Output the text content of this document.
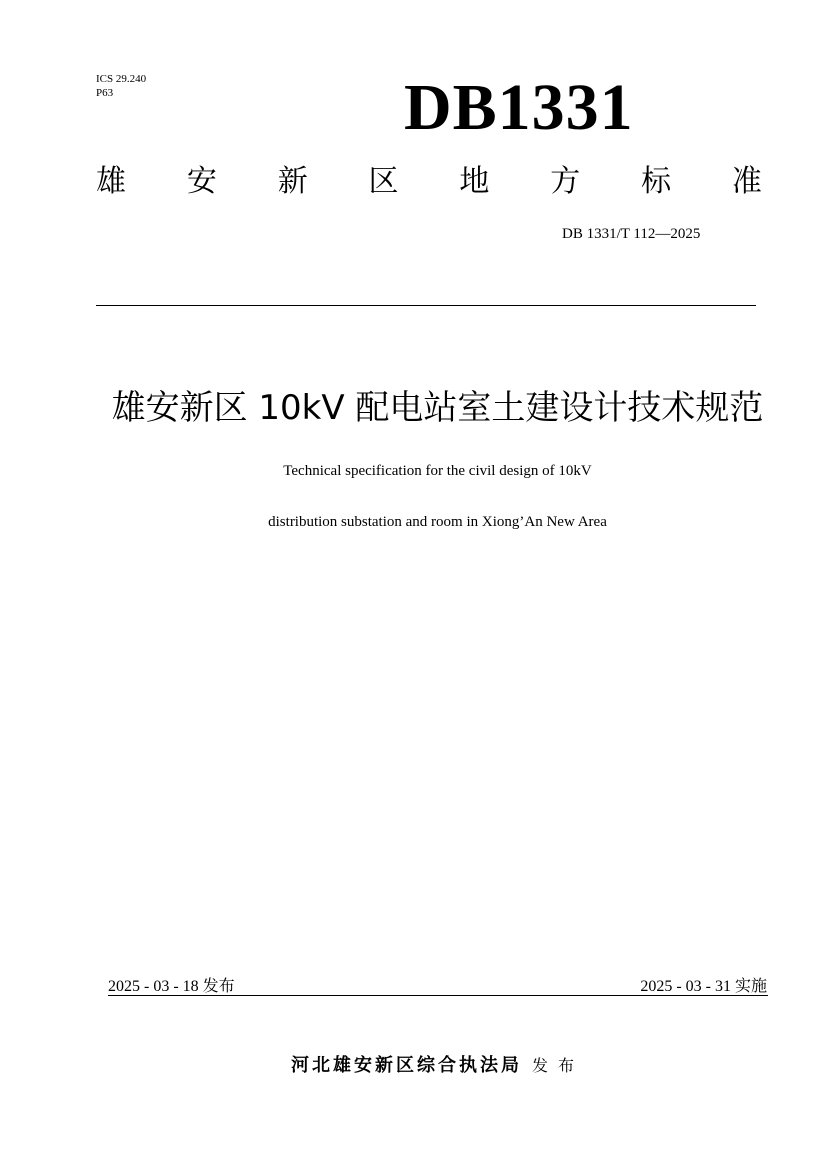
ICS 29.240
P63	DB1331
雄 安 新 区 地 方 标 准
DB 1331/T 112—2025
雄安新区 10kV 配电站室土建设计技术规范
Technical specification for the civil design of 10kV
distribution substation and room in Xiong’An New Area
2025 - 03 - 18 发布	2025 - 03 - 31 实施
河北雄安新区综合执法局 发布
